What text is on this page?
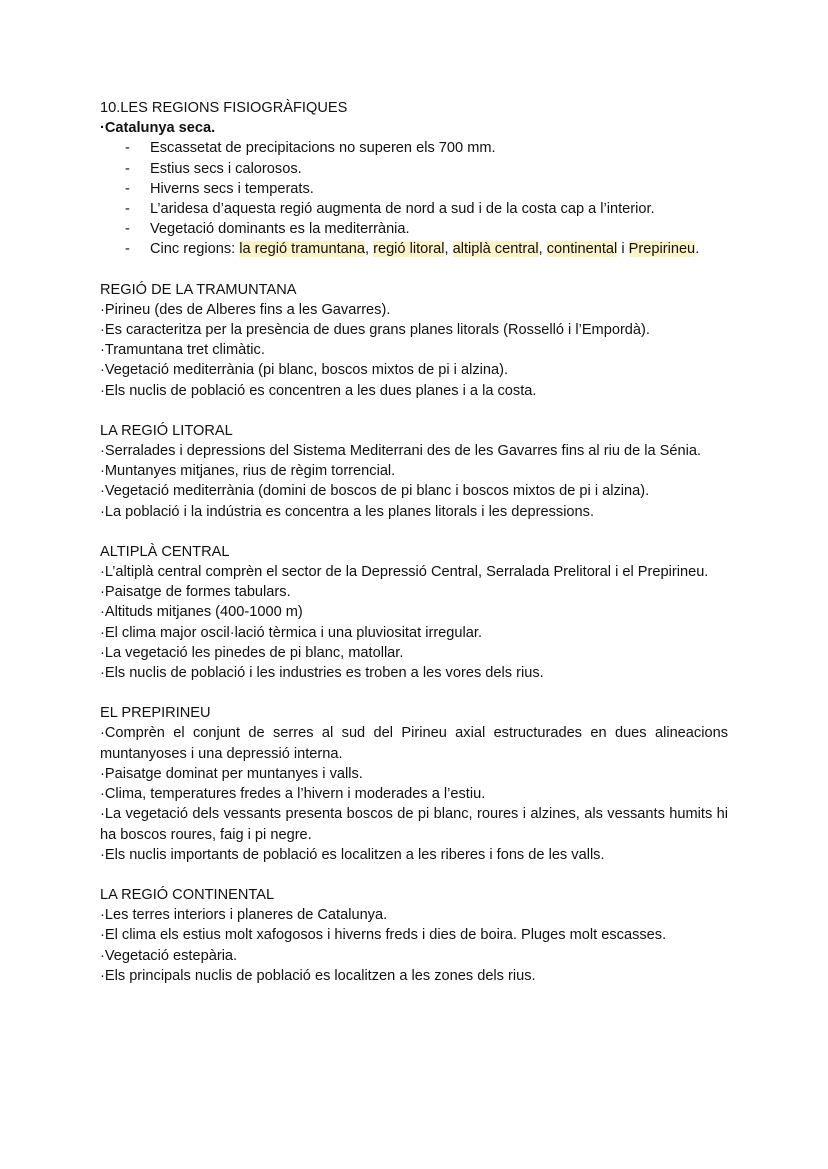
10.LES REGIONS FISIOGRÀFIQUES

·Catalunya seca.

- Escassetat de precipitacions no superen els 700 mm.
- Estius secs i calorosos.
- Hiverns secs i temperats.
- L’aridesa d’aquesta regió augmenta de nord a sud i de la costa cap a l’interior.
- Vegetació dominants es la mediterrània.
- Cinc regions: la regió tramuntana, regió litoral, altiplà central, continental i Prepirineu.
REGIÓ DE LA TRAMUNTANA

·Pirineu (des de Alberes fins a les Gavarres).

·Es caracteritza per la presència de dues grans planes litorals (Rosselló i l’Empordà).

·Tramuntana tret climàtic.

·Vegetació mediterrània (pi blanc, boscos mixtos de pi i alzina).

·Els nuclis de població es concentren a les dues planes i a la costa.

LA REGIÓ LITORAL

·Serralades i depressions del Sistema Mediterrani des de les Gavarres fins al riu de la Sénia.

·Muntanyes mitjanes, rius de règim torrencial.

·Vegetació mediterrània (domini de boscos de pi blanc i boscos mixtos de pi i alzina).

·La població i la indústria es concentra a les planes litorals i les depressions.

ALTIPLÀ CENTRAL

·L’altiplà central comprèn el sector de la Depressió Central, Serralada Prelitoral i el Prepirineu.

·Paisatge de formes tabulars.

·Altituds mitjanes (400-1000 m)

·El clima major oscil·lació tèrmica i una pluviositat irregular.

·La vegetació les pinedes de pi blanc, matollar.

·Els nuclis de població i les industries es troben a les vores dels rius.

EL PREPIRINEU

·Comprèn el conjunt de serres al sud del Pirineu axial estructurades en dues alineacions muntanyoses i una depressió interna.

·Paisatge dominat per muntanyes i valls.

·Clima, temperatures fredes a l’hivern i moderades a l’estiu.

·La vegetació dels vessants presenta boscos de pi blanc, roures i alzines, als vessants humits hi ha boscos roures, faig i pi negre.

·Els nuclis importants de població es localitzen a les riberes i fons de les valls.

LA REGIÓ CONTINENTAL

·Les terres interiors i planeres de Catalunya.

·El clima els estius molt xafogosos i hiverns freds i dies de boira. Pluges molt escasses.

·Vegetació estepària.

·Els principals nuclis de població es localitzen a les zones dels rius.
